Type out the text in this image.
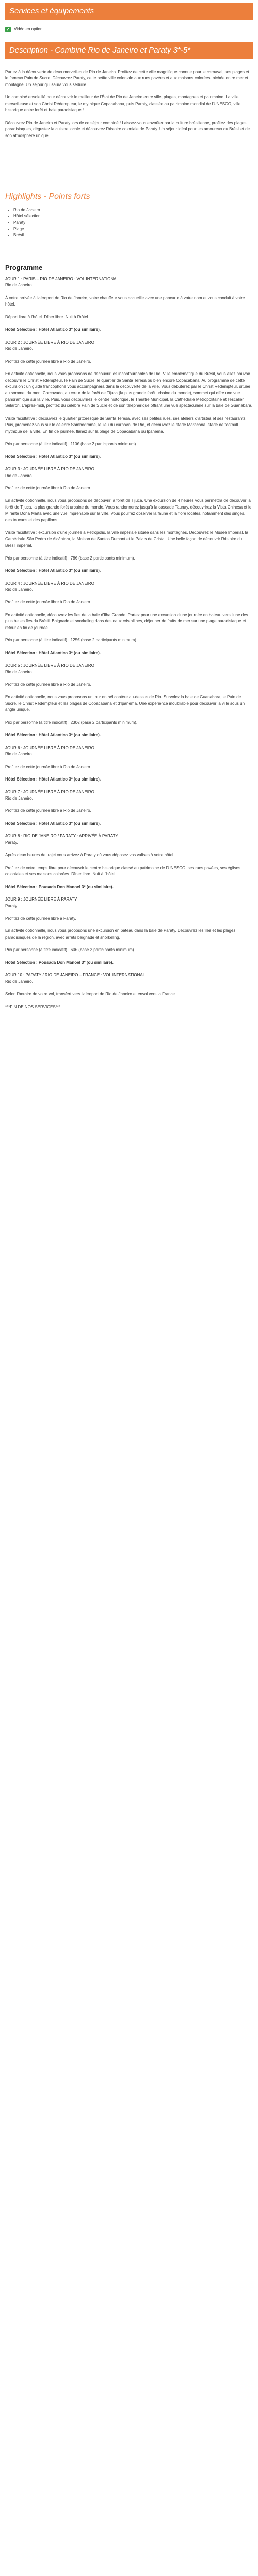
Services et équipements
✓ Vidéo en option
Description - Combiné Rio de Janeiro et Paraty 3*-5*

Partez à la découverte de deux merveilles de Rio de Janeiro. Profitez de cette ville magnifique connue pour le carnaval, ses plages et le fameux Pain de Sucre. Découvrez Paraty, cette petite ville coloniale aux rues pavées et aux maisons colorées, nichée entre mer et montagne. Un séjour qui saura vous séduire.

Un combiné ensoleillé pour découvrir le meilleur de l'État de Rio de Janeiro entre ville, plages, montagnes et patrimoine. La ville merveilleuse et son Christ Rédempteur, le mythique Copacabana, puis Paraty, classée au patrimoine mondial de l'UNESCO, ville historique entre forêt et baie paradisiaque !

Découvrez Rio de Janeiro et Paraty lors de ce séjour combiné ! Laissez-vous envoûter par la culture brésilienne, profitez des plages paradisiaques, dégustez la cuisine locale et découvrez l'histoire coloniale de Paraty. Un séjour idéal pour les amoureux du Brésil et de son atmosphère unique.

Highlights - Points forts
• Rio de Janeiro
• Hôtel sélection
• Paraty
• Plage
• Brésil
Programme
JOUR 1 : PARIS – RIO DE JANEIRO : VOL INTERNATIONAL
Rio de Janeiro.

À votre arrivée à l'aéroport de Rio de Janeiro, votre chauffeur vous accueille avec une pancarte à votre nom et vous conduit à votre hôtel.

Départ libre à l'hôtel. Dîner libre. Nuit à l'hôtel.

Hôtel Sélection : Hôtel Atlantico 3* (ou similaire).
JOUR 2 : JOURNÉE LIBRE À RIO DE JANEIRO
Rio de Janeiro.

Profitez de cette journée libre à Rio de Janeiro.

En activité optionnelle, nous vous proposons de découvrir les incontournables de Rio. Ville emblématique du Brésil, vous allez pouvoir découvrir le Christ Rédempteur, le Pain de Sucre, le quartier de Santa Teresa ou bien encore Copacabana. Au programme de cette excursion : un guide francophone vous accompagnera dans la découverte de la ville. Vous débuterez par le Christ Rédempteur, située au sommet du mont Corcovado, au cœur de la forêt de Tijuca (la plus grande forêt urbaine du monde), sommet qui offre une vue panoramique sur la ville. Puis, vous découvrirez le centre historique, le Théâtre Municipal, la Cathédrale Métropolitaine et l'escalier Selarón. L'après-midi, profitez du célèbre Pain de Sucre et de son téléphérique offrant une vue spectaculaire sur la baie de Guanabara.

Visite facultative : découvrez le quartier pittoresque de Santa Teresa, avec ses petites rues, ses ateliers d'artistes et ses restaurants. Puis, promenez-vous sur le célèbre Sambodrome, le lieu du carnaval de Rio, et découvrez le stade Maracanã, stade de football mythique de la ville. En fin de journée, flânez sur la plage de Copacabana ou Ipanema.

Prix par personne (à titre indicatif) : 110€ (base 2 participants minimum).

Hôtel Sélection : Hôtel Atlantico 3* (ou similaire).
JOUR 3 : JOURNÉE LIBRE À RIO DE JANEIRO
Rio de Janeiro.

Profitez de cette journée libre à Rio de Janeiro.

En activité optionnelle, nous vous proposons de découvrir la forêt de Tijuca. Une excursion de 4 heures vous permettra de découvrir la forêt de Tijuca, la plus grande forêt urbaine du monde. Vous randonnerez jusqu'à la cascade Taunay, découvrirez la Vista Chinesa et le Mirante Dona Marta avec une vue imprenable sur la ville. Vous pourrez observer la faune et la flore locales, notamment des singes, des toucans et des papillons.

Visite facultative : excursion d'une journée à Petrópolis, la ville impériale située dans les montagnes. Découvrez le Musée Impérial, la Cathédrale São Pedro de Alcântara, la Maison de Santos Dumont et le Palais de Cristal. Une belle façon de découvrir l'histoire du Brésil impérial.

Prix par personne (à titre indicatif) : 78€ (base 2 participants minimum).

Hôtel Sélection : Hôtel Atlantico 3* (ou similaire).
JOUR 4 : JOURNÉE LIBRE À RIO DE JANEIRO
Rio de Janeiro.

Profitez de cette journée libre à Rio de Janeiro.

En activité optionnelle, découvrez les îles de la baie d'Ilha Grande. Partez pour une excursion d'une journée en bateau vers l'une des plus belles îles du Brésil. Baignade et snorkeling dans des eaux cristallines, déjeuner de fruits de mer sur une plage paradisiaque et retour en fin de journée.

Prix par personne (à titre indicatif) : 125€ (base 2 participants minimum).

Hôtel Sélection : Hôtel Atlantico 3* (ou similaire).
JOUR 5 : JOURNÉE LIBRE À RIO DE JANEIRO
Rio de Janeiro.

Profitez de cette journée libre à Rio de Janeiro.

En activité optionnelle, nous vous proposons un tour en hélicoptère au-dessus de Rio. Survolez la baie de Guanabara, le Pain de Sucre, le Christ Rédempteur et les plages de Copacabana et d'Ipanema. Une expérience inoubliable pour découvrir la ville sous un angle unique.

Prix par personne (à titre indicatif) : 230€ (base 2 participants minimum).

Hôtel Sélection : Hôtel Atlantico 3* (ou similaire).
JOUR 6 : JOURNÉE LIBRE À RIO DE JANEIRO
Rio de Janeiro.

Profitez de cette journée libre à Rio de Janeiro.

Hôtel Sélection : Hôtel Atlantico 3* (ou similaire).
JOUR 7 : JOURNÉE LIBRE À RIO DE JANEIRO
Rio de Janeiro.

Profitez de cette journée libre à Rio de Janeiro.

Hôtel Sélection : Hôtel Atlantico 3* (ou similaire).
JOUR 8 : RIO DE JANEIRO / PARATY : ARRIVÉE À PARATY
Paraty.

Après deux heures de trajet vous arrivez à Paraty où vous déposez vos valises à votre hôtel.

Profitez de votre temps libre pour découvrir le centre historique classé au patrimoine de l'UNESCO, ses rues pavées, ses églises coloniales et ses maisons colorées. Dîner libre. Nuit à l'hôtel.

Hôtel Sélection : Pousada Don Manoel 3* (ou similaire).
JOUR 9 : JOURNÉE LIBRE À PARATY
Paraty.

Profitez de cette journée libre à Paraty.

En activité optionnelle, nous vous proposons une excursion en bateau dans la baie de Paraty. Découvrez les îles et les plages paradisiaques de la région, avec arrêts baignade et snorkeling.

Prix par personne (à titre indicatif) : 60€ (base 2 participants minimum).

Hôtel Sélection : Pousada Don Manoel 3* (ou similaire).
JOUR 10 : PARATY / RIO DE JANEIRO – FRANCE : VOL INTERNATIONAL
Rio de Janeiro.

Selon l'horaire de votre vol, transfert vers l'aéroport de Rio de Janeiro et envol vers la France.

***FIN DE NOS SERVICES***
